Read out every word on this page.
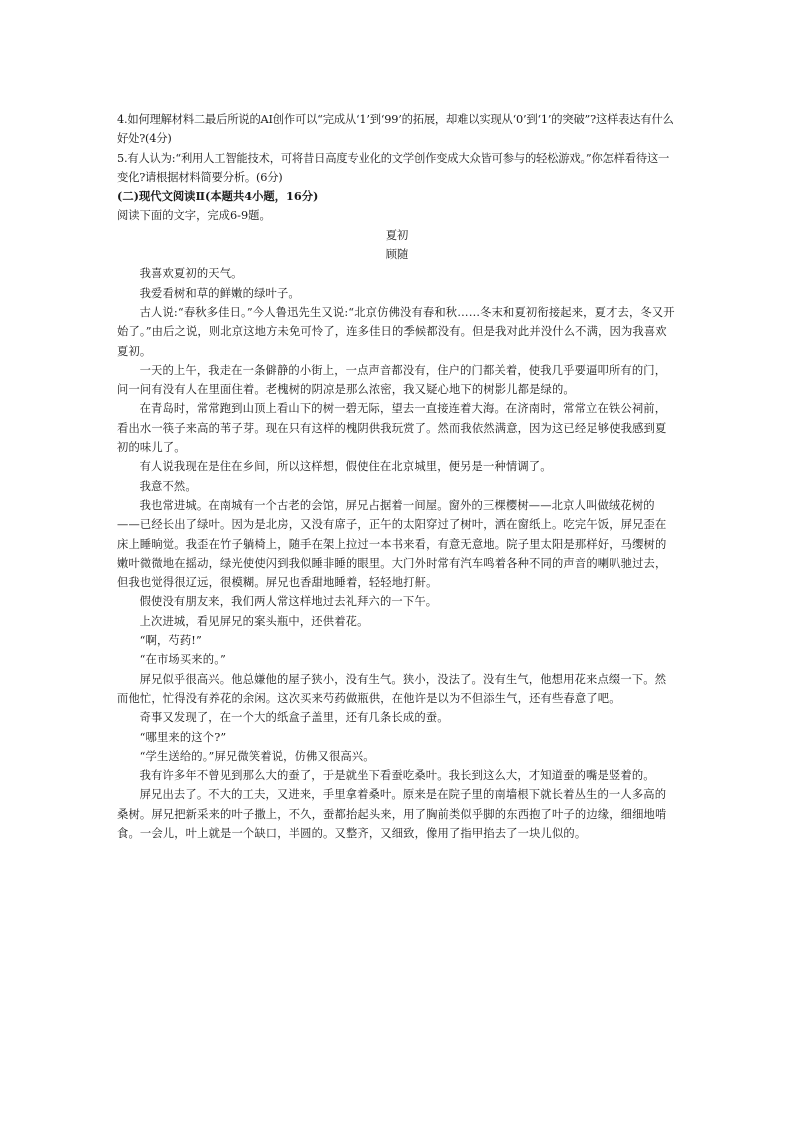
4.如何理解材料二最后所说的AI创作可以“完成从‘1’到‘99’的拓展，却难以实现从‘0’到‘1’的突破”?这样表达有什么好处?(4分)

5.有人认为:“利用人工智能技术，可将昔日高度专业化的文学创作变成大众皆可参与的轻松游戏。”你怎样看待这一变化?请根据材料简要分析。(6分)

(二)现代文阅读Ⅱ(本题共4小题，16分)

阅读下面的文字，完成6-9题。

夏初

顾随

我喜欢夏初的天气。

我爱看树和草的鲜嫩的绿叶子。

古人说:“春秋多佳日。”今人鲁迅先生又说:“北京仿佛没有春和秋……冬末和夏初衔接起来，夏才去，冬又开始了。”由后之说，则北京这地方未免可怜了，连多佳日的季候都没有。但是我对此并没什么不满，因为我喜欢夏初。

一天的上午，我走在一条僻静的小街上，一点声音都没有，住户的门都关着，使我几乎要逼叩所有的门，问一问有没有人在里面住着。老槐树的阴凉是那么浓密，我又疑心地下的树影儿都是绿的。

在青岛时，常常跑到山顶上看山下的树一碧无际，望去一直接连着大海。在济南时，常常立在铁公祠前，看出水一筷子来高的苇子芽。现在只有这样的槐阴供我玩赏了。然而我依然满意，因为这已经足够使我感到夏初的味儿了。

有人说我现在是住在乡间，所以这样想，假使住在北京城里，便另是一种情调了。

我意不然。

我也常进城。在南城有一个古老的会馆，屏兄占据着一间屋。窗外的三棵樱树——北京人叫做绒花树的——已经长出了绿叶。因为是北房，又没有席子，正午的太阳穿过了树叶，洒在窗纸上。吃完午饭，屏兄歪在床上睡晌觉。我歪在竹子躺椅上，随手在架上拉过一本书来看，有意无意地。院子里太阳是那样好，马缨树的嫩叶微微地在摇动，绿光使使闪到我似睡非睡的眼里。大门外时常有汽车鸣着各种不同的声音的喇叭驰过去，但我也觉得很辽远，很模糊。屏兄也香甜地睡着，轻轻地打鼾。

假使没有朋友来，我们两人常这样地过去礼拜六的一下午。

上次进城，看见屏兄的案头瓶中，还供着花。

“啊，芍药!”

“在市场买来的。”

屏兄似乎很高兴。他总嫌他的屋子狭小，没有生气。狭小，没法了。没有生气，他想用花来点缀一下。然而他忙，忙得没有养花的余闲。这次买来芍药做瓶供，在他许是以为不但添生气，还有些春意了吧。

奇事又发现了，在一个大的纸盒子盖里，还有几条长成的蚕。

“哪里来的这个?”

“学生送给的。”屏兄微笑着说，仿佛又很高兴。

我有许多年不曾见到那么大的蚕了，于是就坐下看蚕吃桑叶。我长到这么大，才知道蚕的嘴是竖着的。

屏兄出去了。不大的工夫，又进来，手里拿着桑叶。原来是在院子里的南墙根下就长着丛生的一人多高的桑树。屏兄把新采来的叶子撒上，不久，蚕都抬起头来，用了胸前类似乎脚的东西抱了叶子的边缘，细细地啃食。一会儿，叶上就是一个缺口，半圆的。又整齐，又细致，像用了指甲掐去了一块儿似的。
